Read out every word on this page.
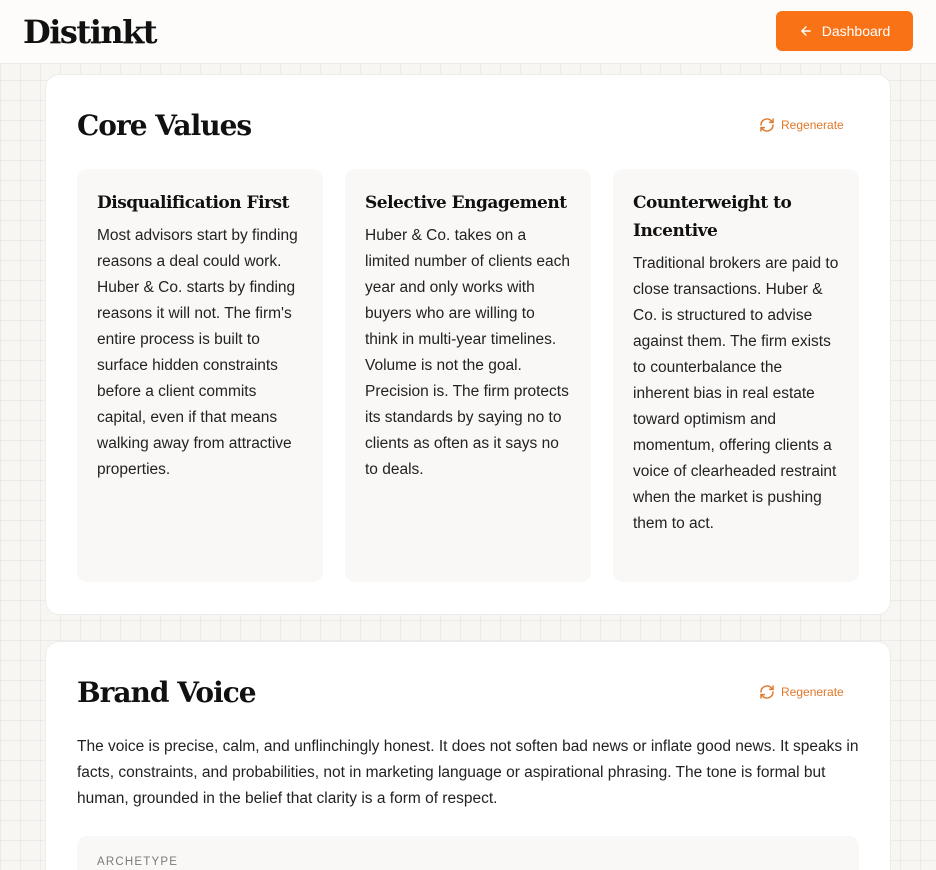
Distinkt	Dashboard
Core Values	Regenerate
Disqualification First

Most advisors start by finding reasons a deal could work. Huber & Co. starts by finding reasons it will not. The firm's entire process is built to surface hidden constraints before a client commits capital, even if that means walking away from attractive properties.

Selective Engagement

Huber & Co. takes on a limited number of clients each year and only works with buyers who are willing to think in multi-year timelines. Volume is not the goal. Precision is. The firm protects its standards by saying no to clients as often as it says no to deals.

Counterweight to Incentive

Traditional brokers are paid to close transactions. Huber & Co. is structured to advise against them. The firm exists to counterbalance the inherent bias in real estate toward optimism and momentum, offering clients a voice of clearheaded restraint when the market is pushing them to act.

Brand Voice	Regenerate

The voice is precise, calm, and unflinchingly honest. It does not soften bad news or inflate good news. It speaks in facts, constraints, and probabilities, not in marketing language or aspirational phrasing. The tone is formal but human, grounded in the belief that clarity is a form of respect.

ARCHETYPE
